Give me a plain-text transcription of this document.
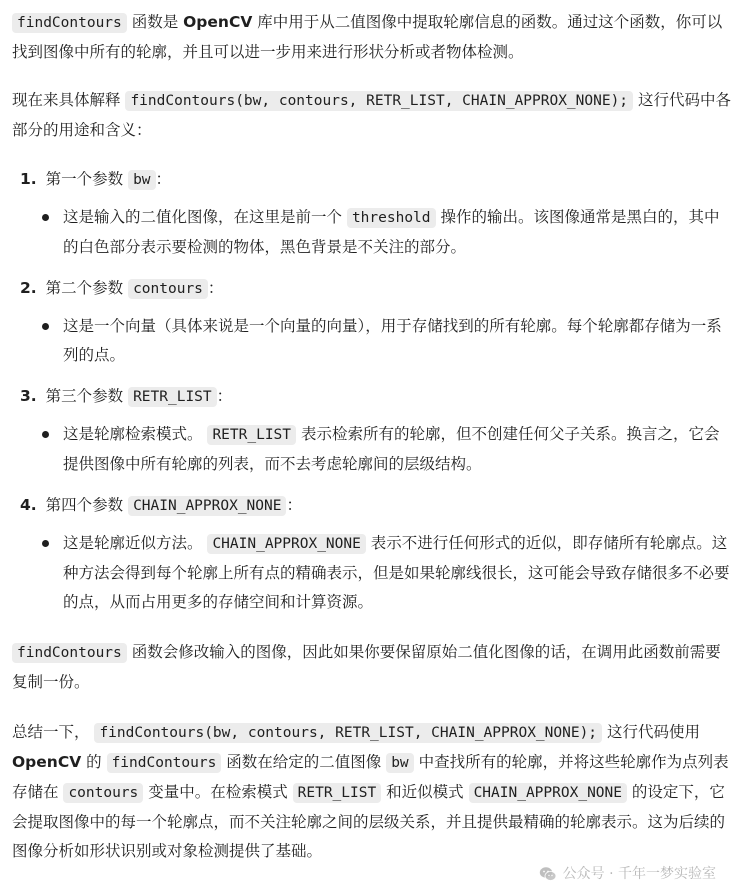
findContours 函数是 OpenCV 库中用于从二值图像中提取轮廓信息的函数。通过这个函数，你可以找到图像中所有的轮廓，并且可以进一步用来进行形状分析或者物体检测。

现在来具体解释 findContours(bw, contours, RETR_LIST, CHAIN_APPROX_NONE); 这行代码中各部分的用途和含义：

1. 第一个参数 bw ：
这是输入的二值化图像，在这里是前一个 threshold 操作的输出。该图像通常是黑白的，其中的白色部分表示要检测的物体，黑色背景是不关注的部分。
2. 第二个参数 contours ：
这是一个向量（具体来说是一个向量的向量），用于存储找到的所有轮廓。每个轮廓都存储为一系列的点。
3. 第三个参数 RETR_LIST ：
这是轮廓检索模式。 RETR_LIST 表示检索所有的轮廓，但不创建任何父子关系。换言之，它会提供图像中所有轮廓的列表，而不去考虑轮廓间的层级结构。
4. 第四个参数 CHAIN_APPROX_NONE ：
这是轮廓近似方法。 CHAIN_APPROX_NONE 表示不进行任何形式的近似，即存储所有轮廓点。这种方法会得到每个轮廓上所有点的精确表示，但是如果轮廓线很长，这可能会导致存储很多不必要的点，从而占用更多的存储空间和计算资源。

findContours 函数会修改输入的图像，因此如果你要保留原始二值化图像的话，在调用此函数前需要复制一份。

总结一下， findContours(bw, contours, RETR_LIST, CHAIN_APPROX_NONE); 这行代码使用 OpenCV 的 findContours 函数在给定的二值图像 bw 中查找所有的轮廓，并将这些轮廓作为点列表存储在 contours 变量中。在检索模式 RETR_LIST 和近似模式 CHAIN_APPROX_NONE 的设定下，它会提取图像中的每一个轮廓点，而不关注轮廓之间的层级关系，并且提供最精确的轮廓表示。这为后续的图像分析如形状识别或对象检测提供了基础。

公众号 · 千年一梦实验室
